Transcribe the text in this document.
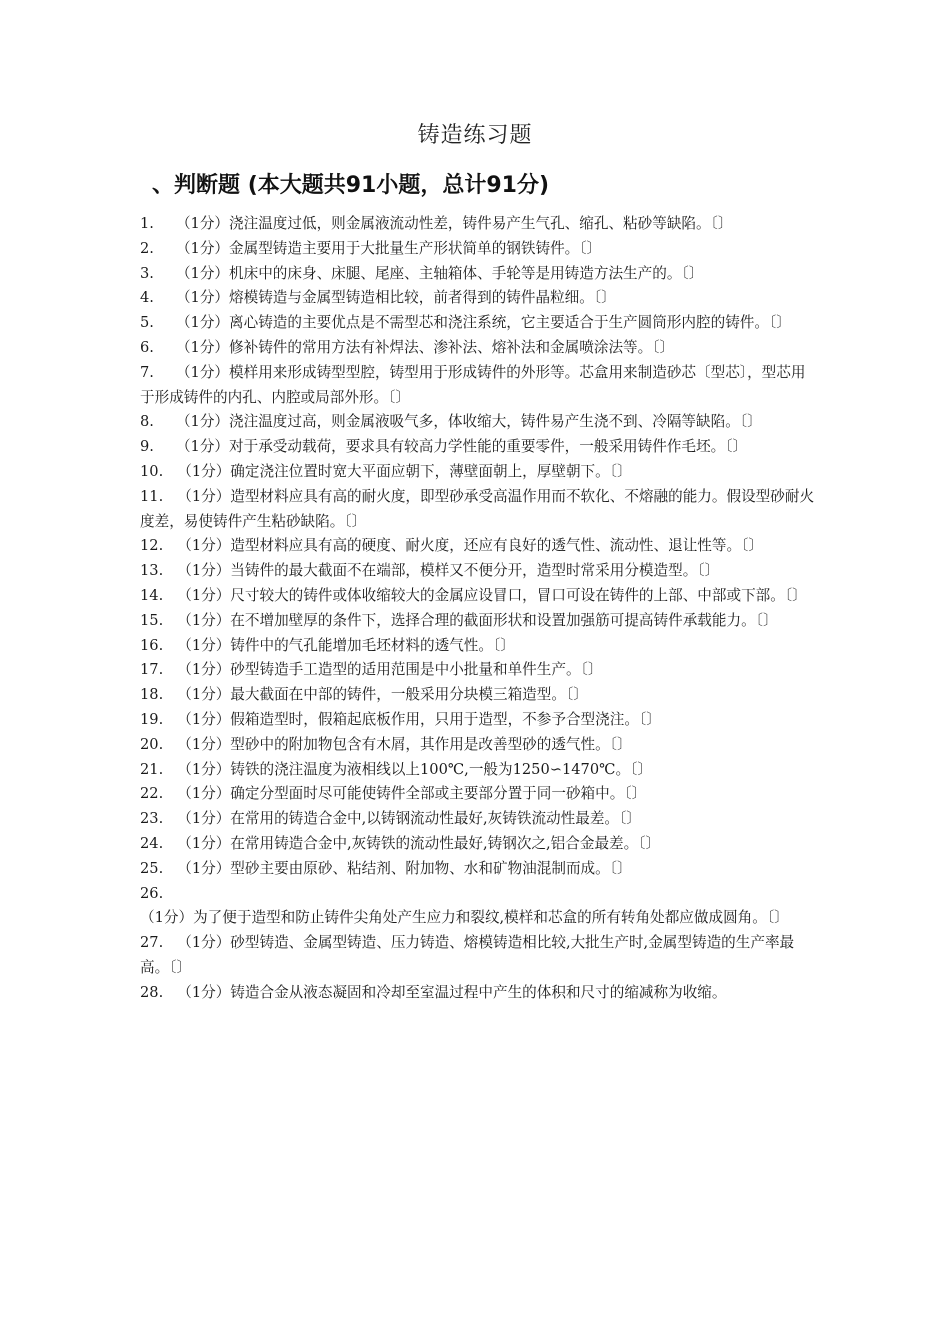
铸造练习题
、判断题 (本大题共91小题，总计91分)

1. （1分）浇注温度过低，则金属液流动性差，铸件易产生气孔、缩孔、粘砂等缺陷。〔〕

2. （1分）金属型铸造主要用于大批量生产形状简单的钢铁铸件。〔〕

3. （1分）机床中的床身、床腿、尾座、主轴箱体、手轮等是用铸造方法生产的。〔〕

4. （1分）熔模铸造与金属型铸造相比较，前者得到的铸件晶粒细。〔〕

5. （1分）离心铸造的主要优点是不需型芯和浇注系统，它主要适合于生产圆筒形内腔的铸件。〔〕

6. （1分）修补铸件的常用方法有补焊法、渗补法、熔补法和金属喷涂法等。〔〕

7. （1分）模样用来形成铸型型腔，铸型用于形成铸件的外形等。芯盒用来制造砂芯〔型芯〕，型芯用于形成铸件的内孔、内腔或局部外形。〔〕

8. （1分）浇注温度过高，则金属液吸气多，体收缩大，铸件易产生浇不到、冷隔等缺陷。〔〕

9. （1分）对于承受动载荷，要求具有较高力学性能的重要零件，一般采用铸件作毛坯。〔〕

10. （1分）确定浇注位置时宽大平面应朝下，薄壁面朝上，厚壁朝下。〔〕

11. （1分）造型材料应具有高的耐火度，即型砂承受高温作用而不软化、不熔融的能力。假设型砂耐火度差，易使铸件产生粘砂缺陷。〔〕

12. （1分）造型材料应具有高的硬度、耐火度，还应有良好的透气性、流动性、退让性等。〔〕

13. （1分）当铸件的最大截面不在端部，模样又不便分开，造型时常采用分模造型。〔〕

14. （1分）尺寸较大的铸件或体收缩较大的金属应设冒口，冒口可设在铸件的上部、中部或下部。〔〕

15. （1分）在不增加壁厚的条件下，选择合理的截面形状和设置加强筋可提高铸件承载能力。〔〕

16. （1分）铸件中的气孔能增加毛坯材料的透气性。〔〕

17. （1分）砂型铸造手工造型的适用范围是中小批量和单件生产。〔〕

18. （1分）最大截面在中部的铸件，一般采用分块模三箱造型。〔〕

19. （1分）假箱造型时，假箱起底板作用，只用于造型，不参予合型浇注。〔〕

20. （1分）型砂中的附加物包含有木屑，其作用是改善型砂的透气性。〔〕

21. （1分）铸铁的浇注温度为液相线以上100℃,一般为1250∽1470℃。〔〕

22. （1分）确定分型面时尽可能使铸件全部或主要部分置于同一砂箱中。〔〕

23. （1分）在常用的铸造合金中,以铸钢流动性最好,灰铸铁流动性最差。〔〕

24. （1分）在常用铸造合金中,灰铸铁的流动性最好,铸钢次之,铝合金最差。〔〕

25. （1分）型砂主要由原砂、粘结剂、附加物、水和矿物油混制而成。〔〕

26.（1分）为了便于造型和防止铸件尖角处产生应力和裂纹,模样和芯盒的所有转角处都应做成圆角。〔〕

27. （1分）砂型铸造、金属型铸造、压力铸造、熔模铸造相比较,大批生产时,金属型铸造的生产率最高。〔〕

28. （1分）铸造合金从液态凝固和冷却至室温过程中产生的体积和尺寸的缩减称为收缩。
